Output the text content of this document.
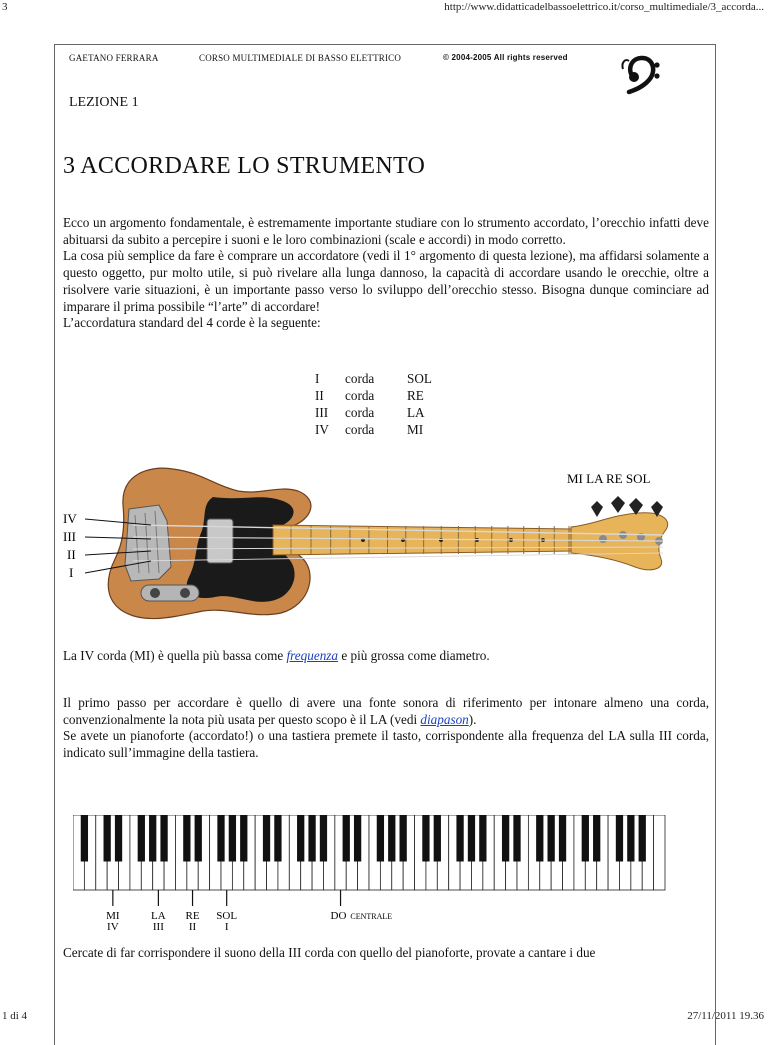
3	http://www.didatticadelbassoelettrico.it/corso_multimediale/3_accorda...
1 di 4	27/11/2011 19.36
GAETANO FERRARA	CORSO MULTIMEDIALE DI BASSO ELETTRICO	© 2004-2005 All rights reserved
LEZIONE 1
3 ACCORDARE LO STRUMENTO
Ecco un argomento fondamentale, è estremamente importante studiare con lo strumento accordato, l’orecchio infatti deve abituarsi da subito a percepire i suoni e le loro combinazioni (scale e accordi) in modo corretto.
La cosa più semplice da fare è comprare un accordatore (vedi il 1° argomento di questa lezione), ma affidarsi solamente a questo oggetto, pur molto utile, si può rivelare alla lunga dannoso, la capacità di accordare usando le orecchie, oltre a risolvere varie situazioni, è un importante passo verso lo sviluppo dell’orecchio stesso. Bisogna dunque cominciare ad imparare il prima possibile “l’arte” di accordare!
L’accordatura standard del 4 corde è la seguente:
I	corda	SOL
II	corda	RE
III	corda	LA
IV	corda	MI
IV
III
II
I
MI LA RE SOL
La IV corda (MI) è quella più bassa come frequenza e più grossa come diametro.
Il primo passo per accordare è quello di avere una fonte sonora di riferimento per intonare almeno una corda, convenzionalmente la nota più usata per questo scopo è il LA (vedi diapason).
Se avete un pianoforte (accordato!) o una tastiera premete il tasto, corrispondente alla frequenza del LA sulla III corda, indicato sull’immagine della tastiera.
MI
IV
LA
III
RE
II
SOL
I
DO CENTRALE
Cercate di far corrispondere il suono della III corda con quello del pianoforte, provate a cantare i due
